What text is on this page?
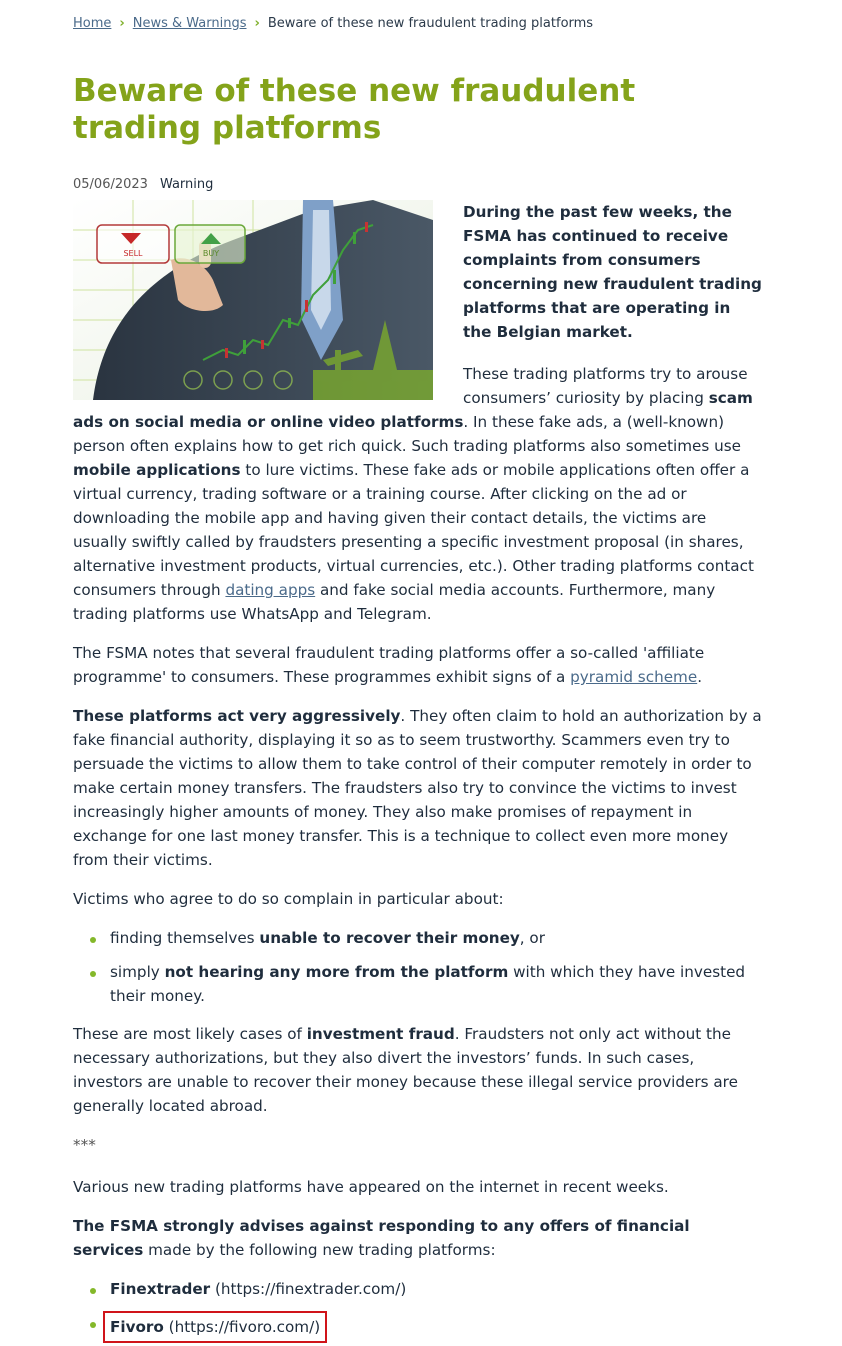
Home › News & Warnings › Beware of these new fraudulent trading platforms
Beware of these new fraudulent trading platforms
05/06/2023 Warning
SELL	BUY

During the past few weeks, the FSMA has continued to receive complaints from consumers concerning new fraudulent trading platforms that are operating in the Belgian market.

These trading platforms try to arouse consumers’ curiosity by placing scam ads on social media or online video platforms. In these fake ads, a (well-known) person often explains how to get rich quick. Such trading platforms also sometimes use mobile applications to lure victims. These fake ads or mobile applications often offer a virtual currency, trading software or a training course. After clicking on the ad or downloading the mobile app and having given their contact details, the victims are usually swiftly called by fraudsters presenting a specific investment proposal (in shares, alternative investment products, virtual currencies, etc.). Other trading platforms contact consumers through dating apps and fake social media accounts. Furthermore, many trading platforms use WhatsApp and Telegram.

The FSMA notes that several fraudulent trading platforms offer a so-called 'affiliate programme' to consumers. These programmes exhibit signs of a pyramid scheme.

These platforms act very aggressively. They often claim to hold an authorization by a fake financial authority, displaying it so as to seem trustworthy. Scammers even try to persuade the victims to allow them to take control of their computer remotely in order to make certain money transfers. The fraudsters also try to convince the victims to invest increasingly higher amounts of money. They also make promises of repayment in exchange for one last money transfer. This is a technique to collect even more money from their victims.

Victims who agree to do so complain in particular about:

finding themselves unable to recover their money, or
simply not hearing any more from the platform with which they have invested their money.

These are most likely cases of investment fraud. Fraudsters not only act without the necessary authorizations, but they also divert the investors’ funds. In such cases, investors are unable to recover their money because these illegal service providers are generally located abroad.

***

Various new trading platforms have appeared on the internet in recent weeks.

The FSMA strongly advises against responding to any offers of financial services made by the following new trading platforms:

Finextrader (https://finextrader.com/)
Fivoro (https://fivoro.com/)
